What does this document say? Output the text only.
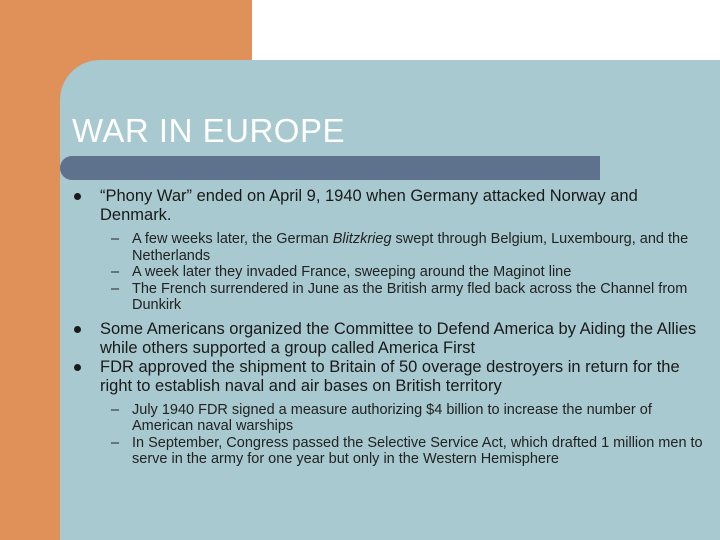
WAR IN EUROPE
“Phony War” ended on April 9, 1940 when Germany attacked Norway and Denmark.
– A few weeks later, the German Blitzkrieg swept through Belgium, Luxembourg, and the Netherlands
– A week later they invaded France, sweeping around the Maginot line
– The French surrendered in June as the British army fled back across the Channel from Dunkirk
Some Americans organized the Committee to Defend America by Aiding the Allies while others supported a group called America First
FDR approved the shipment to Britain of 50 overage destroyers in return for the right to establish naval and air bases on British territory
– July 1940 FDR signed a measure authorizing $4 billion to increase the number of American naval warships
– In September, Congress passed the Selective Service Act, which drafted 1 million men to serve in the army for one year but only in the Western Hemisphere
